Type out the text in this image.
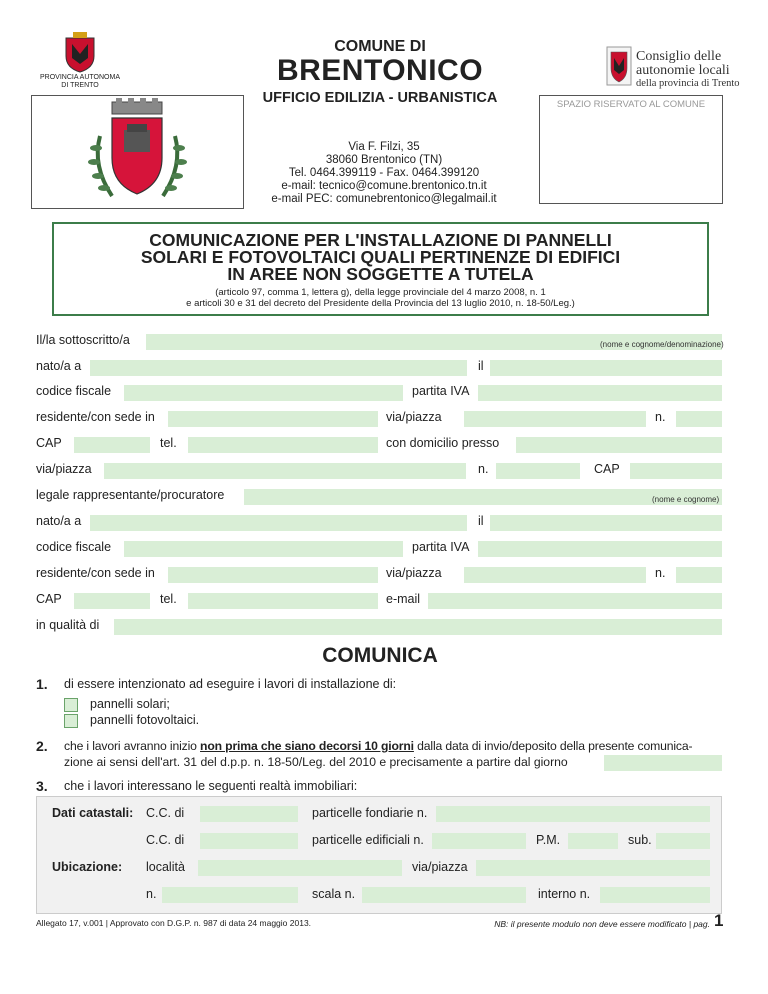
PROVINCIA AUTONOMA
DI TRENTO
COMUNE DI
BRENTONICO
UFFICIO EDILIZIA - URBANISTICA
Consiglio delle
autonomie locali
della provincia di Trento
Via F. Filzi, 35
38060 Brentonico (TN)
Tel. 0464.399119 - Fax. 0464.399120
e-mail: tecnico@comune.brentonico.tn.it
e-mail PEC: comunebrentonico@legalmail.it
SPAZIO RISERVATO AL COMUNE
COMUNICAZIONE PER L'INSTALLAZIONE DI PANNELLI
SOLARI E FOTOVOLTAICI QUALI PERTINENZE DI EDIFICI
IN AREE NON SOGGETTE A TUTELA
(articolo 97, comma 1, lettera g), della legge provinciale del 4 marzo 2008, n. 1
e articoli 30 e 31 del decreto del Presidente della Provincia del 13 luglio 2010, n. 18-50/Leg.)
Il/la sottoscritto/a	(nome e cognome/denominazione)
nato/a a	il
codice fiscale	partita IVA
residente/con sede in	via/piazza	n.
CAP	tel.	con domicilio presso
via/piazza	n.	CAP
legale rappresentante/procuratore	(nome e cognome)
nato/a a	il
codice fiscale	partita IVA
residente/con sede in	via/piazza	n.
CAP	tel.	e-mail
in qualità di
COMUNICA
1. di essere intenzionato ad eseguire i lavori di installazione di:
pannelli solari;
pannelli fotovoltaici.
2. che i lavori avranno inizio non prima che siano decorsi 10 giorni dalla data di invio/deposito della presente comunica-
zione ai sensi dell'art. 31 del d.p.p. n. 18-50/Leg. del 2010 e precisamente a partire dal giorno
3. che i lavori interessano le seguenti realtà immobiliari:
Dati catastali: C.C. di	particelle fondiarie n.
C.C. di	particelle edificiali n.	P.M.	sub.
Ubicazione: località	via/piazza
n.	scala n.	interno n.
Allegato 17, v.001 | Approvato con D.G.P. n. 987 di data 24 maggio 2013.	NB: il presente modulo non deve essere modificato | pag. 1
